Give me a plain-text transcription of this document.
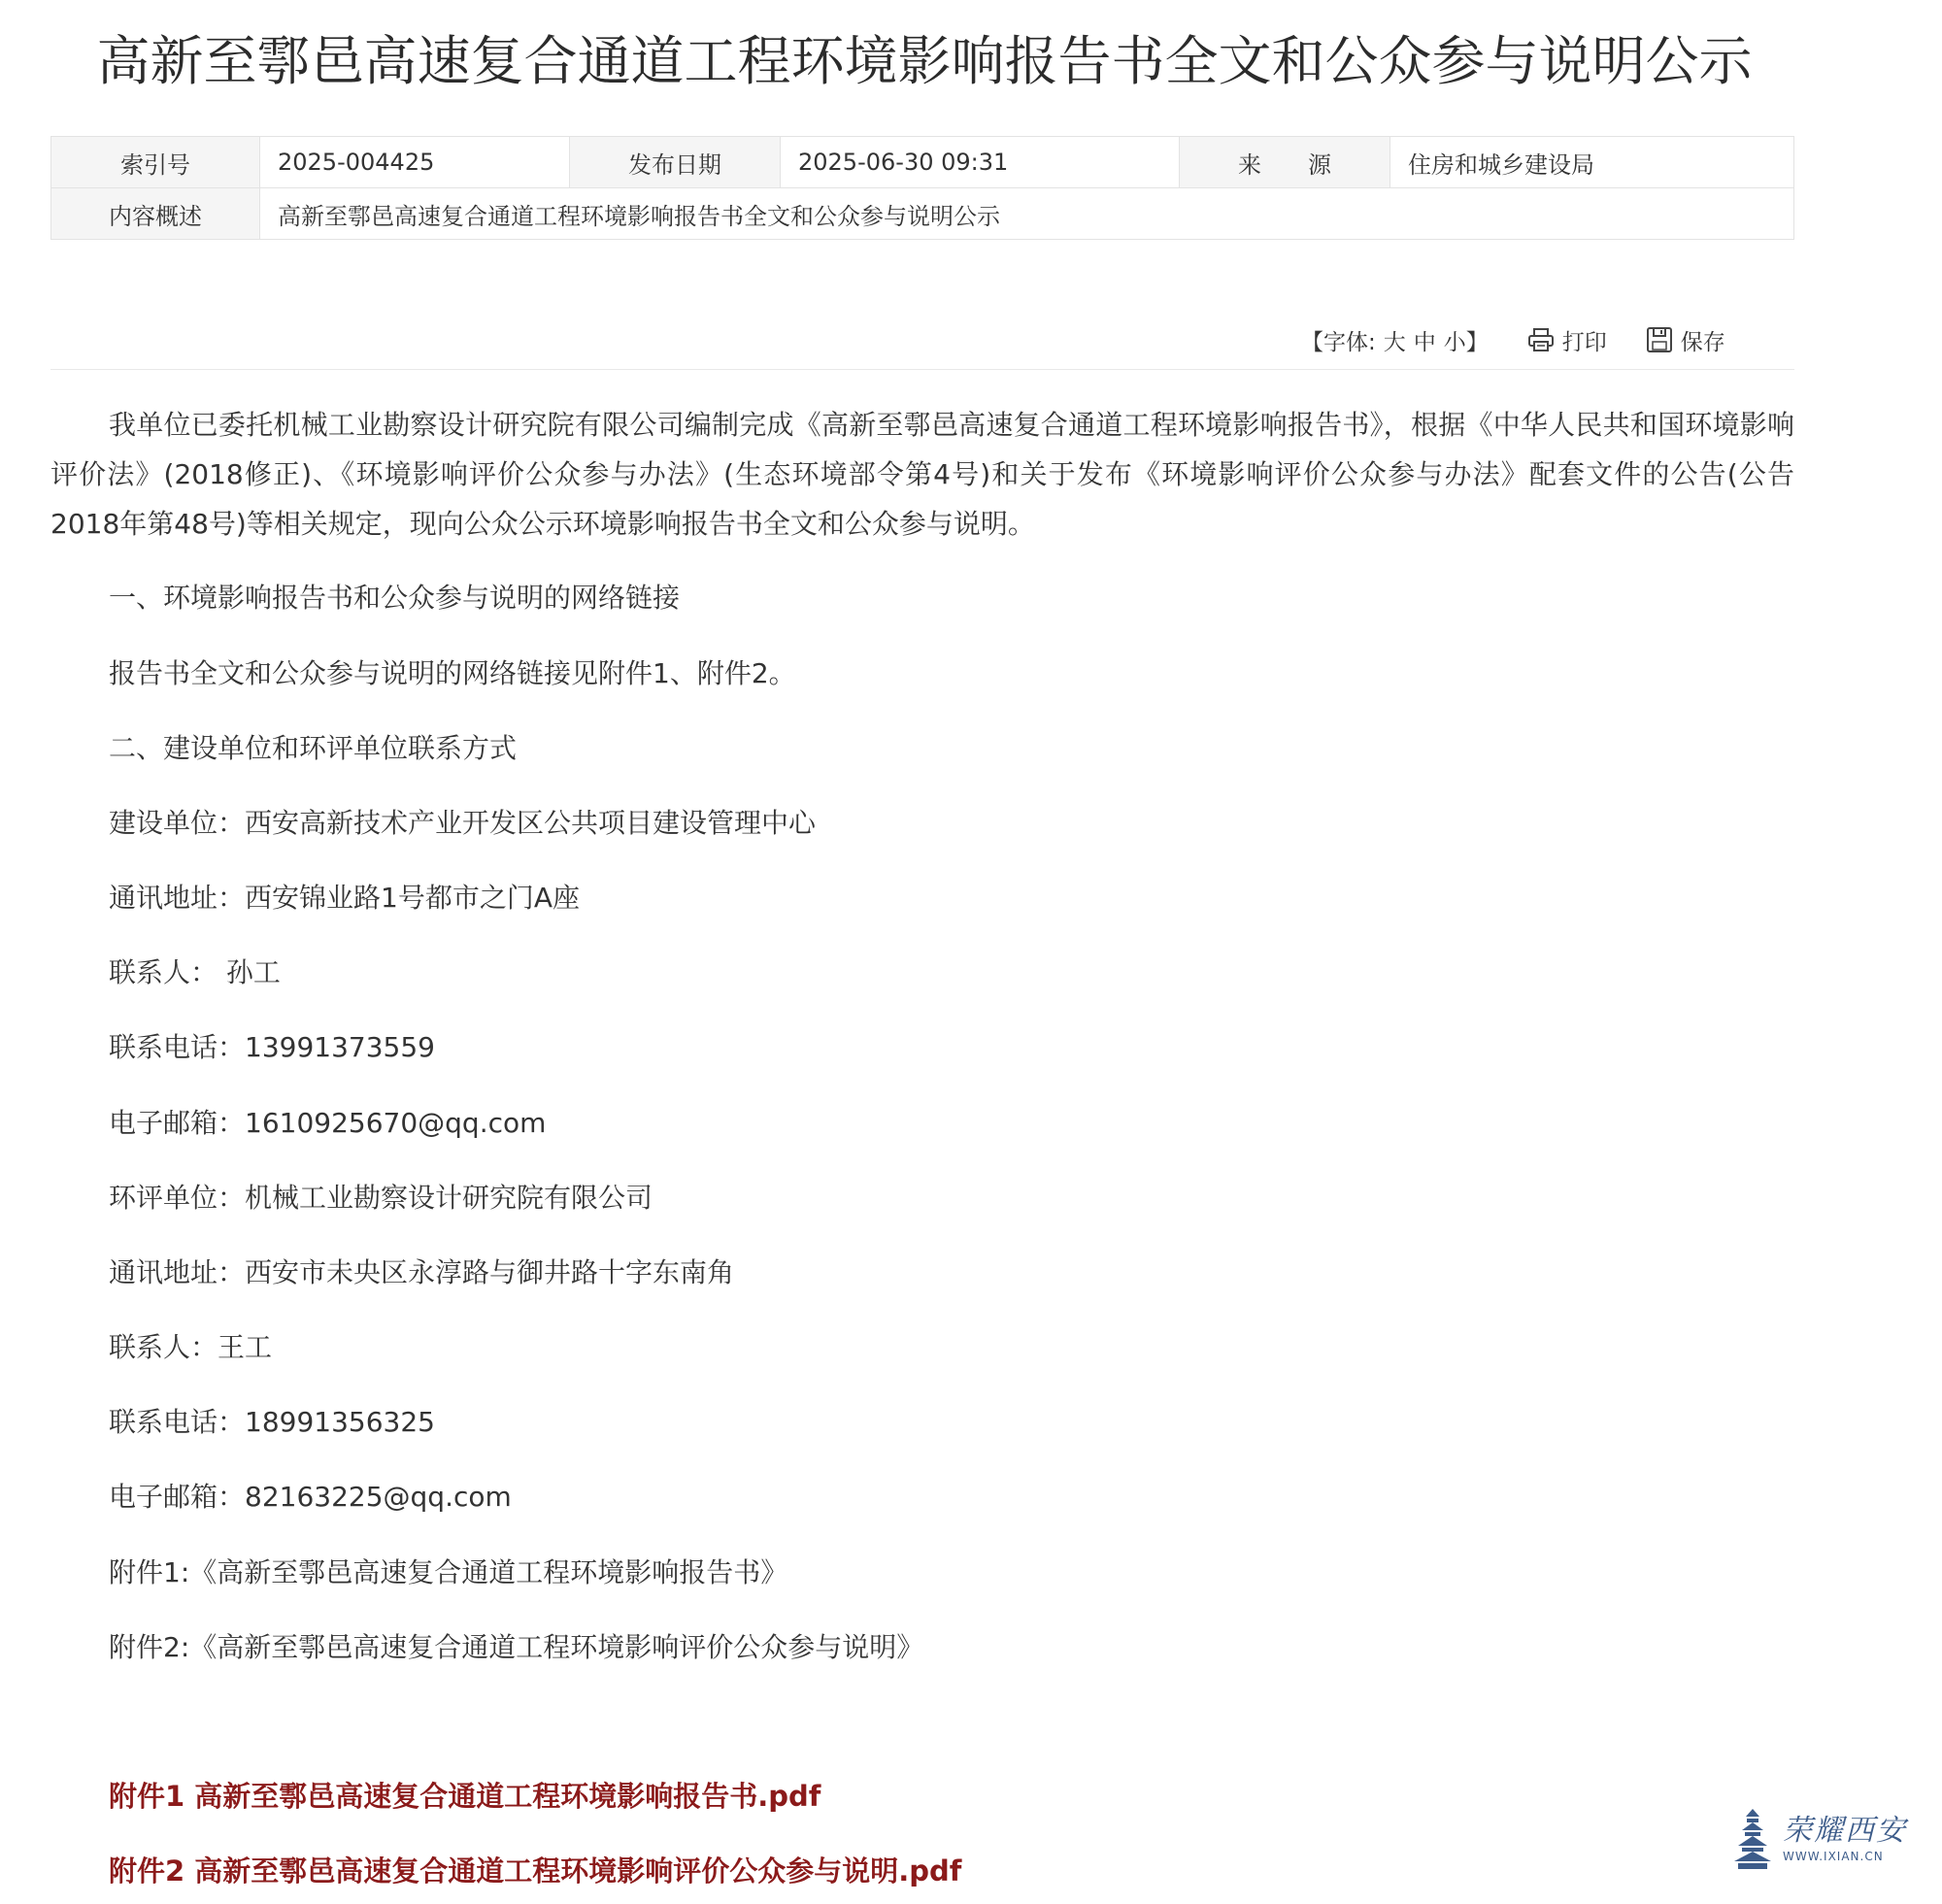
高新至鄠邑高速复合通道工程环境影响报告书全文和公众参与说明公示
索引号	2025-004425	发布日期	2025-06-30 09:31	来　　源	住房和城乡建设局
内容概述	高新至鄠邑高速复合通道工程环境影响报告书全文和公众参与说明公示				
【字体: 大 中 小 】	打印	保存

我单位已委托机械工业勘察设计研究院有限公司编制完成《高新至鄠邑高速复合通道工程环境影响报告书》，根据《中华人民共和国环境影响评价法》(2018修正)、《环境影响评价公众参与办法》(生态环境部令第4号)和关于发布《环境影响评价公众参与办法》配套文件的公告(公告2018年第48号)等相关规定，现向公众公示环境影响报告书全文和公众参与说明。

一、环境影响报告书和公众参与说明的网络链接
报告书全文和公众参与说明的网络链接见附件1、附件2。
二、建设单位和环评单位联系方式
建设单位：西安高新技术产业开发区公共项目建设管理中心
通讯地址：西安锦业路1号都市之门A座
联系人： 孙工
联系电话：13991373559
电子邮箱：1610925670@qq.com
环评单位：机械工业勘察设计研究院有限公司
通讯地址：西安市未央区永淳路与御井路十字东南角
联系人：王工
联系电话：18991356325
电子邮箱：82163225@qq.com
附件1:《高新至鄠邑高速复合通道工程环境影响报告书》
附件2:《高新至鄠邑高速复合通道工程环境影响评价公众参与说明》
附件1 高新至鄠邑高速复合通道工程环境影响报告书.pdf
附件2 高新至鄠邑高速复合通道工程环境影响评价公众参与说明.pdf
荣耀西安
WWW.IXIAN.CN
